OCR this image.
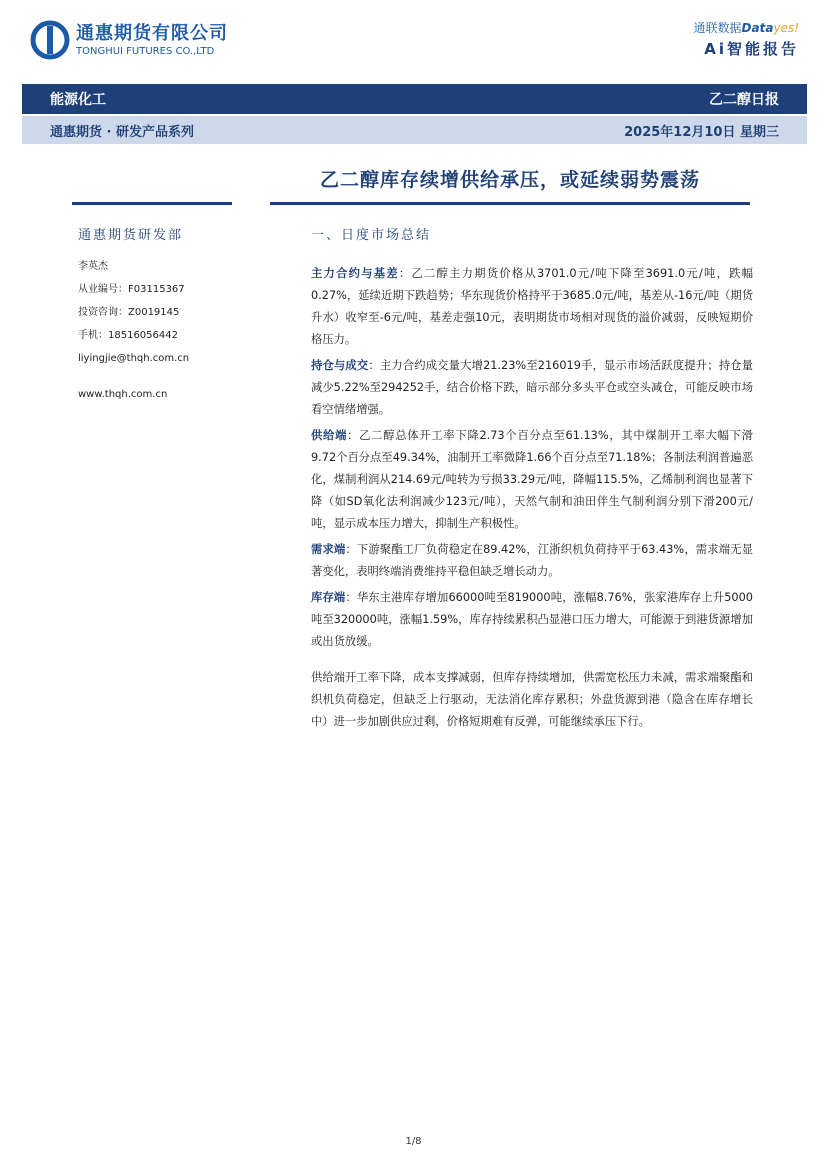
通惠期货有限公司
TONGHUI FUTURES CO.,LTD
通联数据Datayes!
Ai智能报告
能源化工	乙二醇日报
通惠期货 · 研发产品系列	2025年12月10日 星期三
乙二醇库存续增供给承压，或延续弱势震荡
通惠期货研发部
李英杰
从业编号：F03115367
投资咨询：Z0019145
手机：18516056442
liyingjie@thqh.com.cn
www.thqh.com.cn
一、日度市场总结

主力合约与基差：乙二醇主力期货价格从3701.0元/吨下降至3691.0元/吨，跌幅0.27%，延续近期下跌趋势；华东现货价格持平于3685.0元/吨，基差从-16元/吨（期货升水）收窄至-6元/吨，基差走强10元，表明期货市场相对现货的溢价减弱，反映短期价格压力。

持仓与成交：主力合约成交量大增21.23%至216019手，显示市场活跃度提升；持仓量减少5.22%至294252手，结合价格下跌，暗示部分多头平仓或空头减仓，可能反映市场看空情绪增强。

供给端：乙二醇总体开工率下降2.73个百分点至61.13%，其中煤制开工率大幅下滑9.72个百分点至49.34%，油制开工率微降1.66个百分点至71.18%；各制法利润普遍恶化，煤制利润从214.69元/吨转为亏损33.29元/吨，降幅115.5%，乙烯制利润也显著下降（如SD氧化法利润减少123元/吨），天然气制和油田伴生气制利润分别下滑200元/吨，显示成本压力增大，抑制生产积极性。

需求端：下游聚酯工厂负荷稳定在89.42%，江浙织机负荷持平于63.43%，需求端无显著变化，表明终端消费维持平稳但缺乏增长动力。

库存端：华东主港库存增加66000吨至819000吨，涨幅8.76%，张家港库存上升5000吨至320000吨，涨幅1.59%，库存持续累积凸显港口压力增大，可能源于到港货源增加或出货放缓。

供给端开工率下降，成本支撑减弱，但库存持续增加，供需宽松压力未减，需求端聚酯和织机负荷稳定，但缺乏上行驱动，无法消化库存累积；外盘货源到港（隐含在库存增长中）进一步加剧供应过剩，价格短期难有反弹，可能继续承压下行。

1/8
